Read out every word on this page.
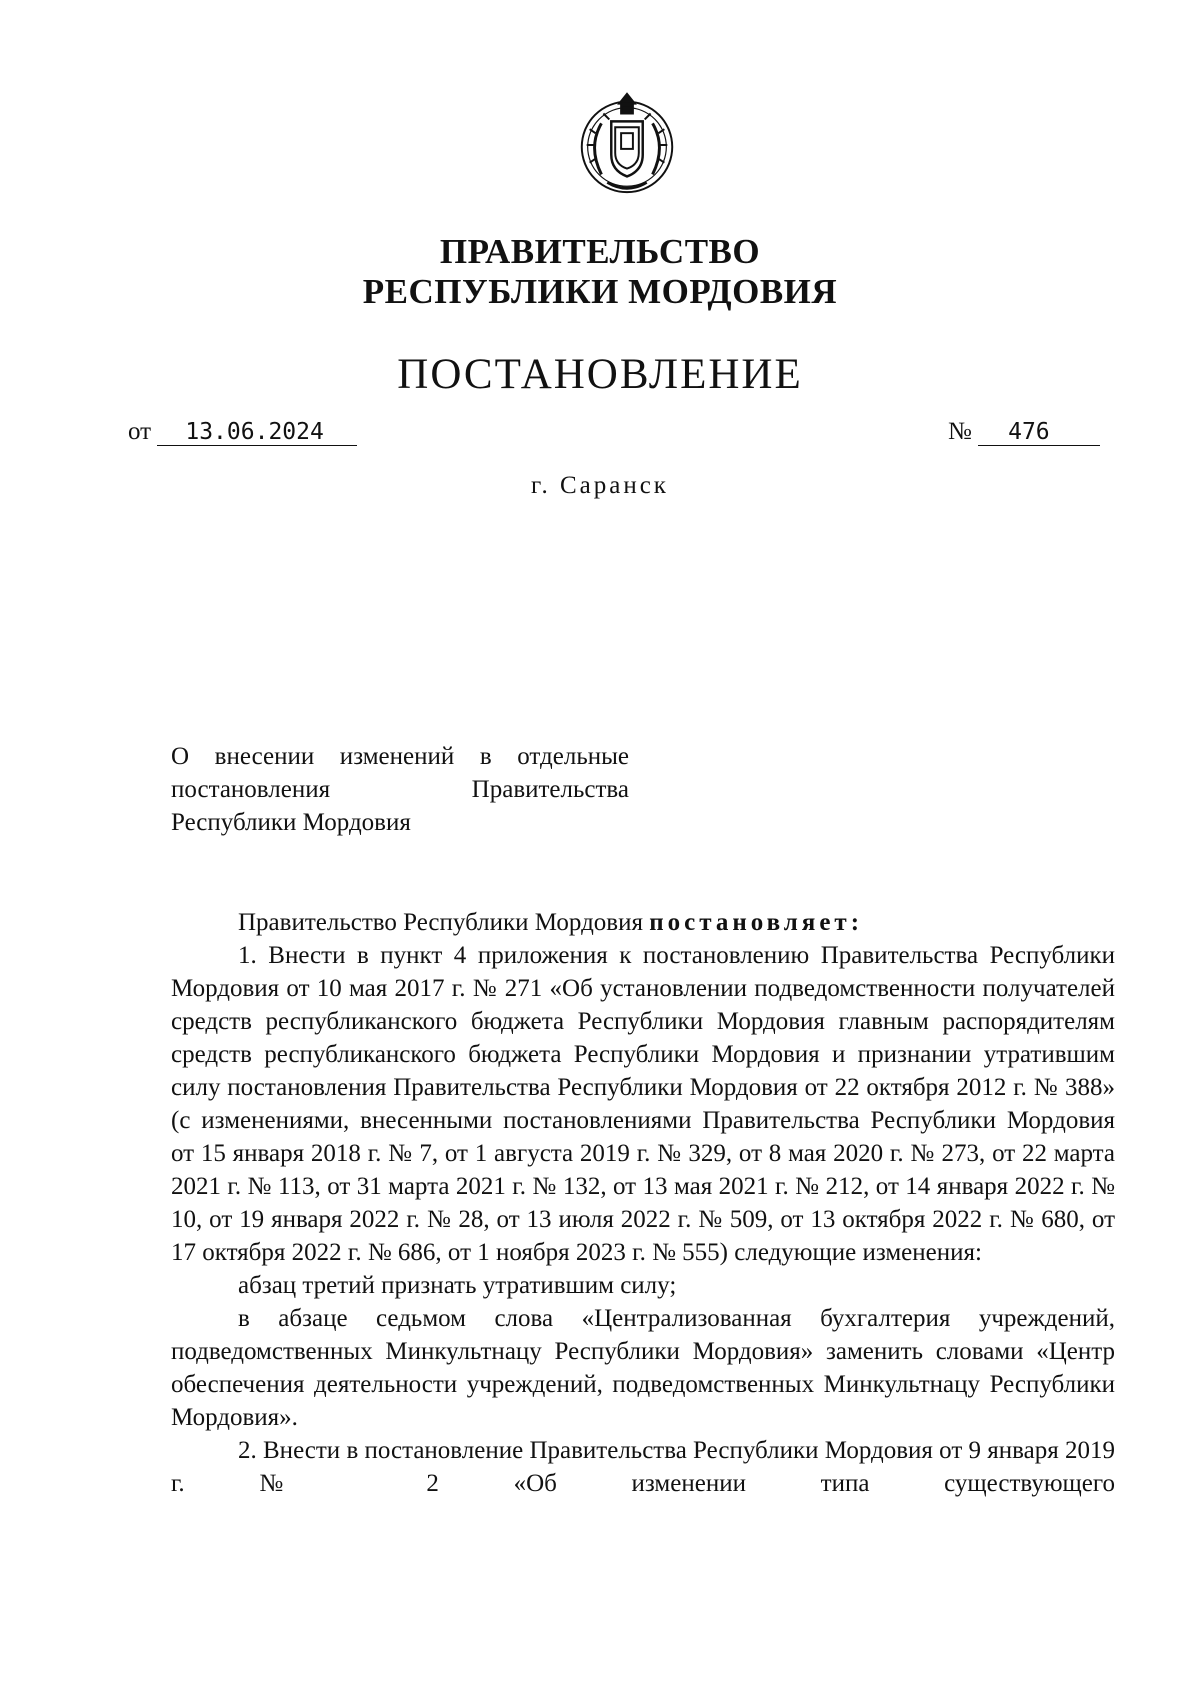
ПРАВИТЕЛЬСТВО
РЕСПУБЛИКИ МОРДОВИЯ
ПОСТАНОВЛЕНИЕ
от 13.06.2024	№ 476
г. Саранск
О внесении изменений в отдельные
постановления Правительства
Республики Мордовия

Правительство Республики Мордовия постановляет:

1. Внести в пункт 4 приложения к постановлению Правительства Республики Мордовия от 10 мая 2017 г. № 271 «Об установлении подведомственности получателей средств республиканского бюджета Республики Мордовия главным распорядителям средств республиканского бюджета Республики Мордовия и признании утратившим силу постановления Правительства Республики Мордовия от 22 октября 2012 г. № 388» (с изменениями, внесенными постановлениями Правительства Республики Мордовия от 15 января 2018 г. № 7, от 1 августа 2019 г. № 329, от 8 мая 2020 г. № 273, от 22 марта 2021 г. № 113, от 31 марта 2021 г. № 132, от 13 мая 2021 г. № 212, от 14 января 2022 г. № 10, от 19 января 2022 г. № 28, от 13 июля 2022 г. № 509, от 13 октября 2022 г. № 680, от 17 октября 2022 г. № 686, от 1 ноября 2023 г. № 555) следующие изменения:

абзац третий признать утратившим силу;

в абзаце седьмом слова «Централизованная бухгалтерия учреждений, подведомственных Минкультнацу Республики Мордовия» заменить словами «Центр обеспечения деятельности учреждений, подведомственных Минкультнацу Республики Мордовия».

2. Внести в постановление Правительства Республики Мордовия от 9 января 2019 г. № 2 «Об изменении типа существующего
